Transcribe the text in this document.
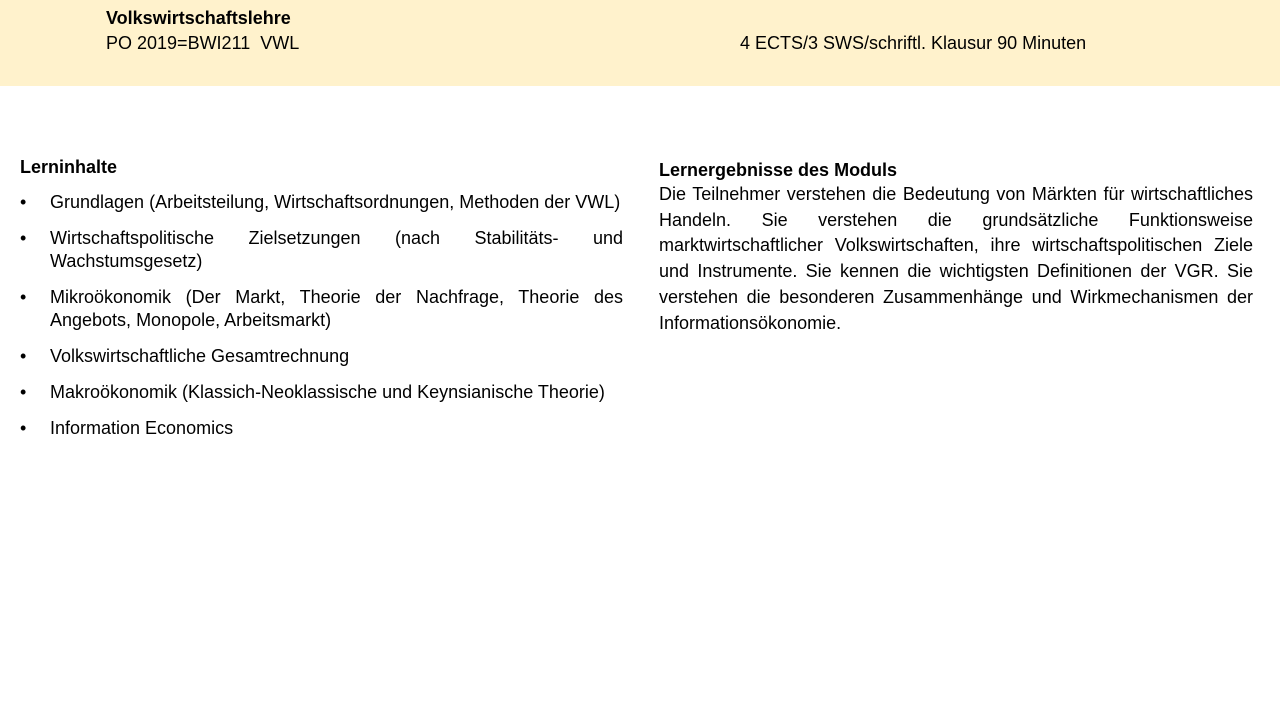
Volkswirtschaftslehre
PO 2019=BWI211  VWL	4 ECTS/3 SWS/schriftl. Klausur 90 Minuten
Lerninhalte
•	Grundlagen (Arbeitsteilung, Wirtschaftsordnungen, Methoden der VWL)
•	Wirtschaftspolitische Zielsetzungen (nach Stabilitäts- und Wachstumsgesetz)
•	Mikroökonomik (Der Markt, Theorie der Nachfrage, Theorie des Angebots, Monopole, Arbeitsmarkt)
•	Volkswirtschaftliche Gesamtrechnung
•	Makroökonomik (Klassich-Neoklassische und Keynsianische Theorie)
•	Information Economics
Lernergebnisse des Moduls

Die Teilnehmer verstehen die Bedeutung von Märkten für wirtschaftliches Handeln. Sie verstehen die grundsätzliche Funktionsweise marktwirtschaftlicher Volkswirtschaften, ihre wirtschaftspolitischen Ziele und Instrumente. Sie kennen die wichtigsten Definitionen der VGR. Sie verstehen die besonderen Zusammenhänge und Wirkmechanismen der Informationsökonomie.
